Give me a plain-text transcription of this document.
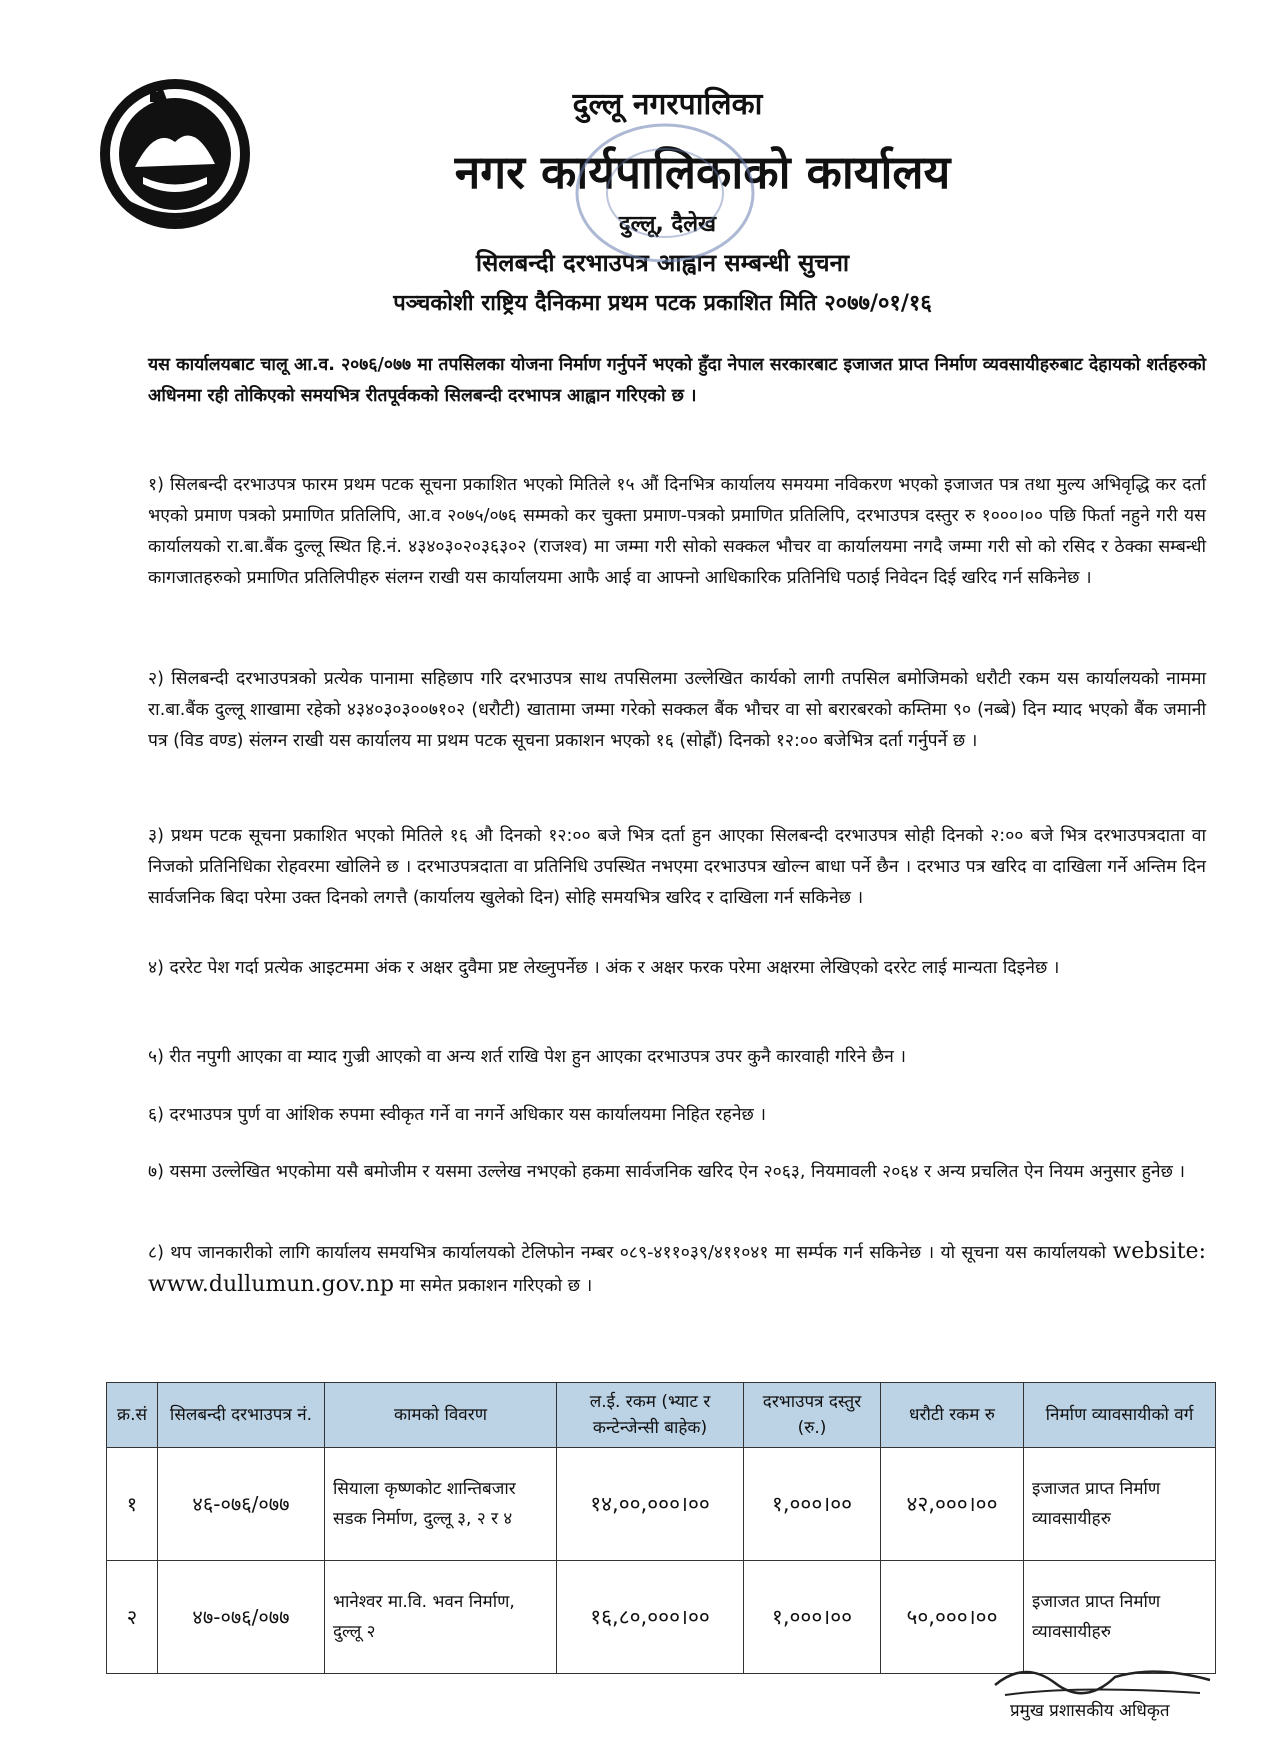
दुल्लू नगरपालिका
नगर कार्यपालिकाको कार्यालय
दुल्लू, दैलेख
सिलबन्दी दरभाउपत्र आह्वान सम्बन्धी सुचना
पञ्चकोशी राष्ट्रिय दैनिकमा प्रथम पटक प्रकाशित मिति २०७७/०१/१६
यस कार्यालयबाट चालू आ.व. २०७६/०७७ मा तपसिलका योजना निर्माण गर्नुपर्ने भएको हुँदा नेपाल सरकारबाट इजाजत प्राप्त निर्माण व्यवसायीहरुबाट देहायको शर्तहरुको अधिनमा रही तोकिएको समयभित्र रीतपूर्वकको सिलबन्दी दरभापत्र आह्वान गरिएको छ ।
१) सिलबन्दी दरभाउपत्र फारम प्रथम पटक सूचना प्रकाशित भएको मितिले १५ औं दिनभित्र कार्यालय समयमा नविकरण भएको इजाजत पत्र तथा मुल्य अभिवृद्धि कर दर्ता भएको प्रमाण पत्रको प्रमाणित प्रतिलिपि, आ.व २०७५/०७६ सम्मको कर चुक्ता प्रमाण-पत्रको प्रमाणित प्रतिलिपि, दरभाउपत्र दस्तुर रु १०००।०० पछि फिर्ता नहुने गरी यस कार्यालयको रा.बा.बैंक दुल्लू स्थित हि.नं. ४३४०३०२०३६३०२ (राजश्व) मा जम्मा गरी सोको सक्कल भौचर वा कार्यालयमा नगदै जम्मा गरी सो को रसिद र ठेक्का सम्बन्धी कागजातहरुको प्रमाणित प्रतिलिपीहरु संलग्न राखी यस कार्यालयमा आफै आई वा आफ्नो आधिकारिक प्रतिनिधि पठाई निवेदन दिई खरिद गर्न सकिनेछ ।
२) सिलबन्दी दरभाउपत्रको प्रत्येक पानामा सहिछाप गरि दरभाउपत्र साथ तपसिलमा उल्लेखित कार्यको लागी तपसिल बमोजिमको धरौटी रकम यस कार्यालयको नाममा रा.बा.बैंक दुल्लू शाखामा रहेको ४३४०३०३००७१०२ (धरौटी) खातामा जम्मा गरेको सक्कल बैंक भौचर वा सो बरारबरको कम्तिमा ९० (नब्बे) दिन म्याद भएको बैंक जमानी पत्र (विड वण्ड) संलग्न राखी यस कार्यालय मा प्रथम पटक सूचना प्रकाशन भएको १६ (सोह्रौं) दिनको १२:०० बजेभित्र दर्ता गर्नुपर्ने छ ।
३) प्रथम पटक सूचना प्रकाशित भएको मितिले १६ औ दिनको १२:०० बजे भित्र दर्ता हुन आएका सिलबन्दी दरभाउपत्र सोही दिनको २:०० बजे भित्र दरभाउपत्रदाता वा निजको प्रतिनिधिका रोहवरमा खोलिने छ । दरभाउपत्रदाता वा प्रतिनिधि उपस्थित नभएमा दरभाउपत्र खोल्न बाधा पर्ने छैन । दरभाउ पत्र खरिद वा दाखिला गर्ने अन्तिम दिन सार्वजनिक बिदा परेमा उक्त दिनको लगत्तै (कार्यालय खुलेको दिन) सोहि समयभित्र खरिद र दाखिला गर्न सकिनेछ ।
४) दररेट पेश गर्दा प्रत्येक आइटममा अंक र अक्षर दुवैमा प्रष्ट लेख्नुपर्नेछ । अंक र अक्षर फरक परेमा अक्षरमा लेखिएको दररेट लाई मान्यता दिइनेछ ।
५) रीत नपुगी आएका वा म्याद गुज्री आएको वा अन्य शर्त राखि पेश हुन आएका दरभाउपत्र उपर कुनै कारवाही गरिने छैन ।
६) दरभाउपत्र पुर्ण वा आंशिक रुपमा स्वीकृत गर्ने वा नगर्ने अधिकार यस कार्यालयमा निहित रहनेछ ।
७) यसमा उल्लेखित भएकोमा यसै बमोजीम र यसमा उल्लेख नभएको हकमा सार्वजनिक खरिद ऐन २०६३, नियमावली २०६४ र अन्य प्रचलित ऐन नियम अनुसार हुनेछ ।
८) थप जानकारीको लागि कार्यालय समयभित्र कार्यालयको टेलिफोन नम्बर ०८९-४११०३९/४११०४१ मा सर्म्पक गर्न सकिनेछ । यो सूचना यस कार्यालयको website: www.dullumun.gov.np मा समेत प्रकाशन गरिएको छ ।
क्र.सं	सिलबन्दी दरभाउपत्र नं.	कामको विवरण	ल.ई. रकम (भ्याट र कन्टेन्जेन्सी बाहेक)	दरभाउपत्र दस्तुर (रु.)	धरौटी रकम रु	निर्माण व्यावसायीको वर्ग
१	४६-०७६/०७७	सियाला कृष्णकोट शान्तिबजार सडक निर्माण, दुल्लू ३, २ र ४	१४,००,०००।००	१,०००।००	४२,०००।००	इजाजत प्राप्त निर्माण व्यावसायीहरु
२	४७-०७६/०७७	भानेश्वर मा.वि. भवन निर्माण, दुल्लू २	१६,८०,०००।००	१,०००।००	५०,०००।००	इजाजत प्राप्त निर्माण व्यावसायीहरु
प्रमुख प्रशासकीय अधिकृत
